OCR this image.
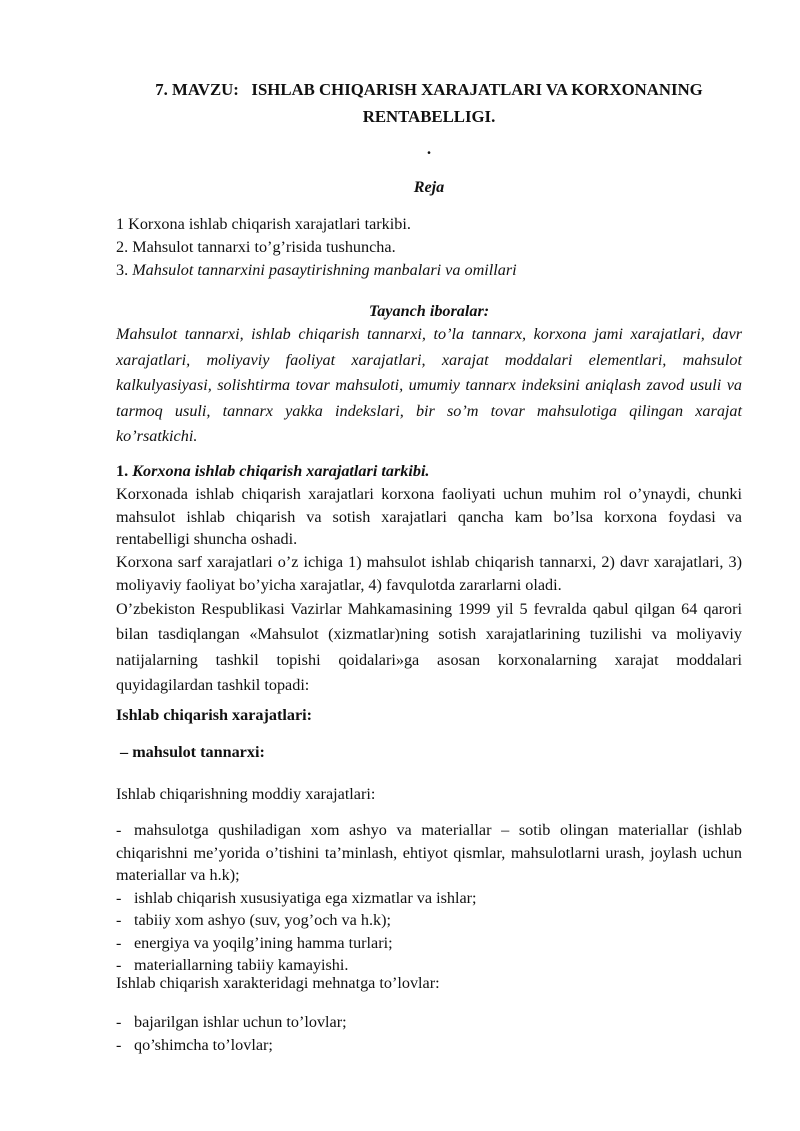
7. MAVZU:   ISHLAB CHIQARISH XARAJATLARI VA KORXONANING
RENTABELLIGI.
.
Reja
1 Korxona ishlab chiqarish xarajatlari tarkibi.
2. Mahsulot tannarxi to’g’risida tushuncha.
3. Mahsulot tannarxini pasaytirishning manbalari va omillari
Tayanch iboralar:

Mahsulot tannarxi, ishlab chiqarish tannarxi, to’la tannarx, korxona jami xarajatlari, davr xarajatlari, moliyaviy faoliyat xarajatlari, xarajat moddalari elementlari, mahsulot kalkulyasiyasi, solishtirma tovar mahsuloti, umumiy tannarx indeksini aniqlash zavod usuli va tarmoq usuli, tannarx yakka indekslari, bir so’m tovar mahsulotiga qilingan xarajat ko’rsatkichi.

1. Korxona ishlab chiqarish xarajatlari tarkibi.

Korxonada ishlab chiqarish xarajatlari korxona faoliyati uchun muhim rol o’ynaydi, chunki mahsulot ishlab chiqarish va sotish xarajatlari qancha kam bo’lsa korxona foydasi va rentabelligi shuncha oshadi.

Korxona sarf xarajatlari o’z ichiga 1) mahsulot ishlab chiqarish tannarxi, 2) davr xarajatlari, 3) moliyaviy faoliyat bo’yicha xarajatlar, 4) favqulotda zararlarni oladi.

O’zbekiston Respublikasi Vazirlar Mahkamasining 1999 yil 5 fevralda qabul qilgan 64 qarori bilan tasdiqlangan «Mahsulot (xizmatlar)ning sotish xarajatlarining tuzilishi va moliyaviy natijalarning tashkil topishi qoidalari»ga asosan korxonalarning xarajat moddalari quyidagilardan tashkil topadi:

Ishlab chiqarish xarajatlari:
– mahsulot tannarxi:
Ishlab chiqarishning moddiy xarajatlari:
- mahsulotga qushiladigan xom ashyo va materiallar – sotib olingan materiallar (ishlab chiqarishni me’yorida o’tishini ta’minlash, ehtiyot qismlar, mahsulotlarni urash, joylash uchun materiallar va h.k);
- ishlab chiqarish xususiyatiga ega xizmatlar va ishlar;
- tabiiy xom ashyo (suv, yog’och va h.k);
- energiya va yoqilg’ining hamma turlari;
- materiallarning tabiiy kamayishi.
Ishlab chiqarish xarakteridagi mehnatga to’lovlar:
- bajarilgan ishlar uchun to’lovlar;
- qo’shimcha to’lovlar;
